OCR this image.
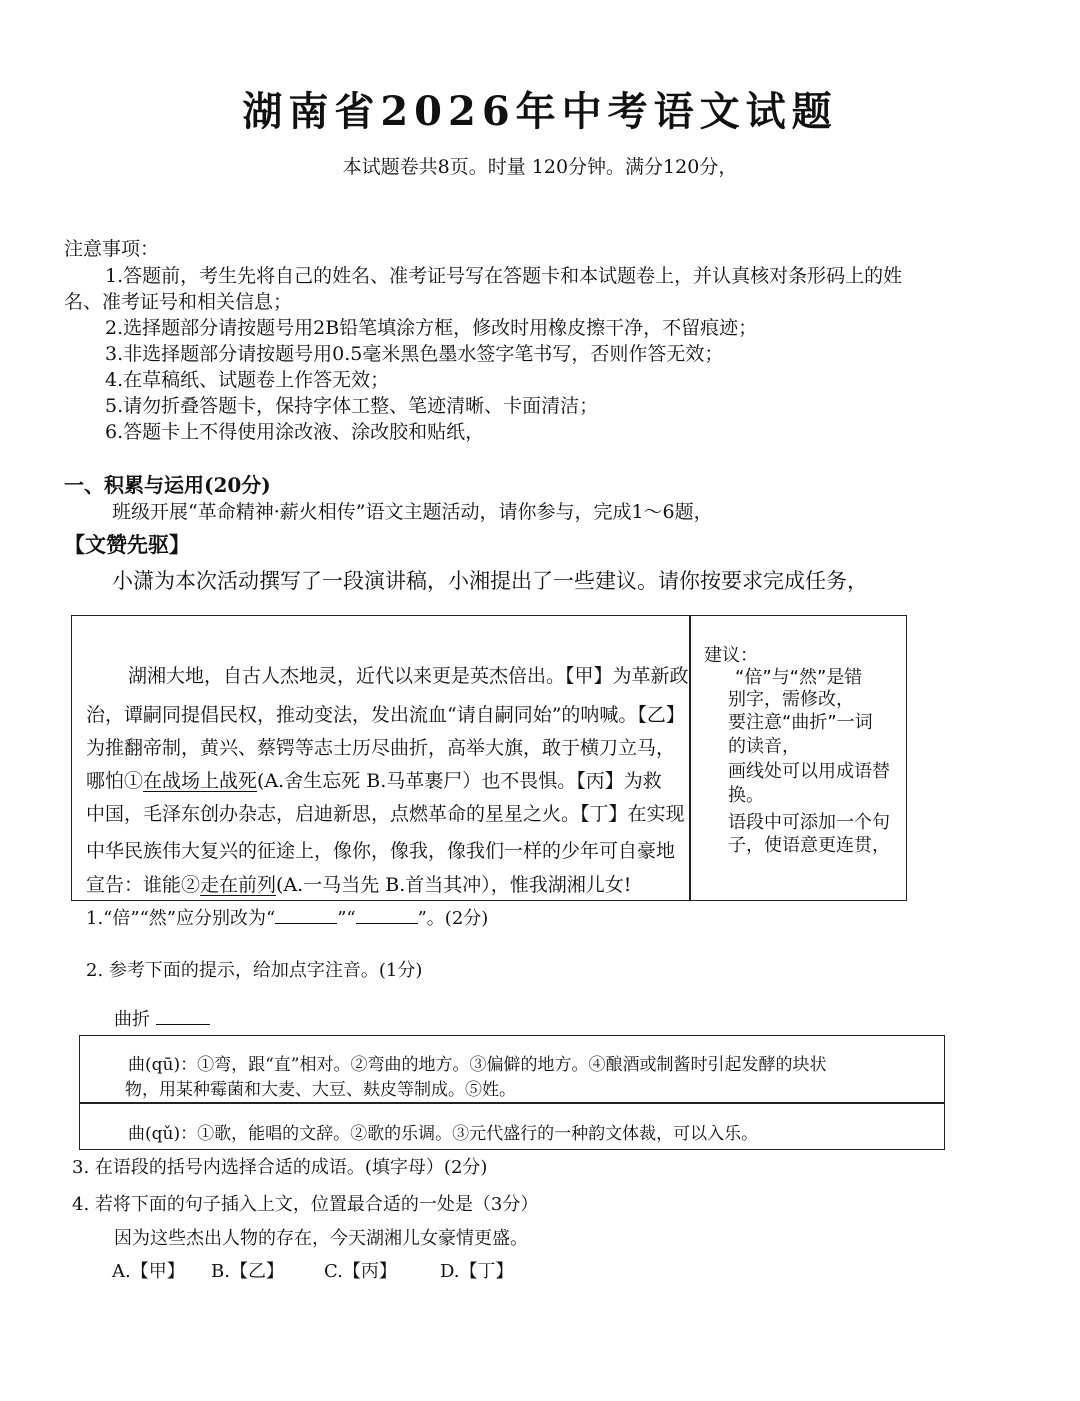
湖南省2026年中考语文试题
本试题卷共8页。时量 120分钟。满分120分，
注意事项：
1.答题前，考生先将自己的姓名、准考证号写在答题卡和本试题卷上，并认真核对条形码上的姓
名、准考证号和相关信息；
2.选择题部分请按题号用2B铅笔填涂方框，修改时用橡皮擦干净，不留痕迹；
3.非选择题部分请按题号用0.5毫米黑色墨水签字笔书写，否则作答无效；
4.在草稿纸、试题卷上作答无效；
5.请勿折叠答题卡，保持字体工整、笔迹清晰、卡面清洁；
6.答题卡上不得使用涂改液、涂改胶和贴纸，
一、积累与运用(20分)
班级开展“革命精神·薪火相传”语文主题活动，请你参与，完成1～6题，
【文赞先驱】
小潇为本次活动撰写了一段演讲稿，小湘提出了一些建议。请你按要求完成任务，
湖湘大地，自古人杰地灵，近代以来更是英杰倍出。【甲】为革新政
治，谭嗣同提倡民权，推动变法，发出流血“请自嗣同始”的呐喊。【乙】
为推翻帝制，黄兴、蔡锷等志士历尽曲折，高举大旗，敢于横刀立马，
哪怕①在战场上战死(A.舍生忘死 B.马革裹尸）也不畏惧。【丙】为救
中国，毛泽东创办杂志，启迪新思，点燃革命的星星之火。【丁】在实现
中华民族伟大复兴的征途上，像你，像我，像我们一样的少年可自豪地
宣告：谁能②走在前列(A.一马当先 B.首当其冲），惟我湖湘儿女!
建议：
“倍”与“然”是错
别字，需修改，
要注意“曲折”一词
的读音，
画线处可以用成语替
换。
语段中可添加一个句
子，使语意更连贯，
1.“倍”“然”应分别改为“	”“	”。(2分)
2. 参考下面的提示，给加点字注音。(1分)
曲折
曲(qū)：①弯，跟“直”相对。②弯曲的地方。③偏僻的地方。④酿酒或制酱时引起发酵的块状
物，用某种霉菌和大麦、大豆、麸皮等制成。⑤姓。
曲(qǔ)：①歌，能唱的文辞。②歌的乐调。③元代盛行的一种韵文体裁，可以入乐。
3. 在语段的括号内选择合适的成语。(填字母）(2分)
4. 若将下面的句子插入上文，位置最合适的一处是（3分）
因为这些杰出人物的存在，今天湖湘儿女豪情更盛。
A.【甲】 B.【乙】 C.【丙】 D.【丁】
